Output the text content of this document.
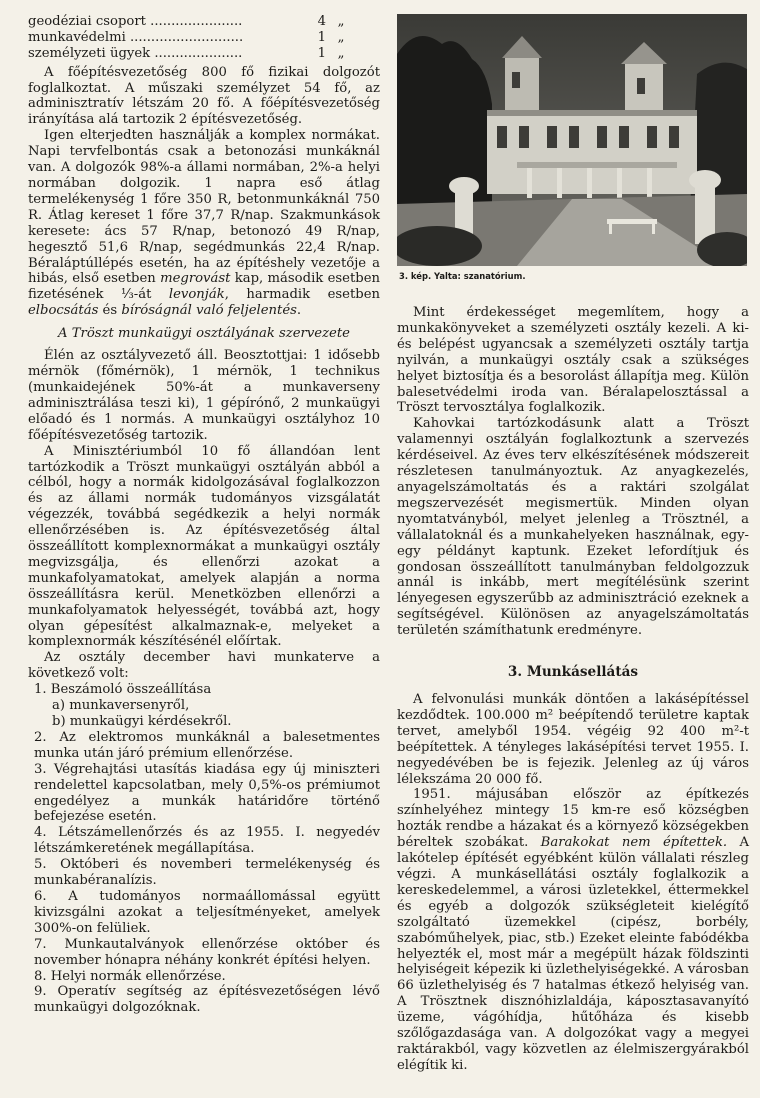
geodéziai csoport ......................	4 „
munkavédelmi ...........................	1 „
személyzeti ügyek .....................	1 „

A főépítésvezetőség 800 fő fizikai dolgozót foglalkoztat. A műszaki személyzet 54 fő, az adminisztratív létszám 20 fő. A főépítésvezetőség irányítása alá tartozik 2 építésvezetőség.

Igen elterjedten használják a komplex normákat. Napi tervfelbontás csak a betonozási munkáknál van. A dolgozók 98%-a állami normában, 2%-a helyi normában dolgozik. 1 napra eső átlag termelékenység 1 főre 350 R, betonmunkáknál 750 R. Átlag kereset 1 főre 37,7 R/nap. Szakmunkások keresete: ács 57 R/nap, betonozó 49 R/nap, hegesztő 51,6 R/nap, segédmunkás 22,4 R/nap. Béraláptúllépés esetén, ha az építéshely vezetője a hibás, első esetben megrovást kap, második esetben fizetésének ⅓-át levonják, harmadik esetben elbocsátás és bíróságnál való feljelentés.

A Tröszt munkaügyi osztályának szervezete

Élén az osztályvezető áll. Beosztottjai: 1 idősebb mérnök (főmérnök), 1 mérnök, 1 technikus (munkaidejének 50%-át a munkaverseny adminisztrálása teszi ki), 1 gépírónő, 2 munkaügyi előadó és 1 normás. A munkaügyi osztályhoz 10 főépítésvezetőség tartozik.

A Minisztériumból 10 fő állandóan lent tartózkodik a Tröszt munkaügyi osztályán abból a célból, hogy a normák kidolgozásával foglalkozzon és az állami normák tudományos vizsgálatát végezzék, továbbá segédkezik a helyi normák ellenőrzésében is. Az építésvezetőség által összeállított komplexnormákat a munkaügyi osztály megvizsgálja, és ellenőrzi azokat a munkafolyamatokat, amelyek alapján a norma összeállításra kerül. Menetközben ellenőrzi a munkafolyamatok helyességét, továbbá azt, hogy olyan gépesítést alkalmaznak-e, melyeket a komplexnormák készítésénél előírtak.

Az osztály december havi munkaterve a következő volt:

1. Beszámoló összeállítása
a) munkaversenyről,
b) munkaügyi kérdésekről.
2. Az elektromos munkáknál a balesetmentes munka után járó prémium ellenőrzése.
3. Végrehajtási utasítás kiadása egy új miniszteri rendelettel kapcsolatban, mely 0,5%-os prémiumot engedélyez a munkák határidőre történő befejezése esetén.
4. Létszámellenőrzés és az 1955. I. negyedév létszámkeretének megállapítása.
5. Októberi és novemberi termelékenység és munkabéranalízis.
6. A tudományos normaállomással együtt kivizsgálni azokat a teljesítményeket, amelyek 300%-on felüliek.
7. Munkautalványok ellenőrzése október és november hónapra néhány konkrét építési helyen.
8. Helyi normák ellenőrzése.
9. Operatív segítség az építésvezetőségen lévő munkaügyi dolgozóknak.
3. kép. Yalta: szanatórium.

Mint érdekességet megemlítem, hogy a munkakönyveket a személyzeti osztály kezeli. A ki- és belépést ugyancsak a személyzeti osztály tartja nyilván, a munkaügyi osztály csak a szükséges helyet biztosítja és a besorolást állapítja meg. Külön balesetvédelmi iroda van. Béralapelosztással a Tröszt tervosztálya foglalkozik.

Kahovkai tartózkodásunk alatt a Tröszt valamennyi osztályán foglalkoztunk a szervezés kérdéseivel. Az éves terv elkészítésének módszereit részletesen tanulmányoztuk. Az anyagkezelés, anyagelszámoltatás és a raktári szolgálat megszervezését megismertük. Minden olyan nyomtatványból, melyet jelenleg a Trösztnél, a vállalatoknál és a munkahelyeken használnak, egy-egy példányt kaptunk. Ezeket lefordítjuk és gondosan összeállított tanulmányban feldolgozzuk annál is inkább, mert megítélésünk szerint lényegesen egyszerűbb az adminisztráció ezeknek a segítségével. Különösen az anyagelszámoltatás területén számíthatunk eredményre.

3. Munkásellátás

A felvonulási munkák döntően a lakásépítéssel kezdődtek. 100.000 m² beépítendő területre kaptak tervet, amelyből 1954. végéig 92 400 m²-t beépítettek. A tényleges lakásépítési tervet 1955. I. negyedévében be is fejezik. Jelenleg az új város lélekszáma 20 000 fő.

1951. májusában először az építkezés színhelyéhez mintegy 15 km-re eső községben hozták rendbe a házakat és a környező községekben béreltek szobákat. Barakokat nem építettek. A lakótelep építését egyébként külön vállalati részleg végzi. A munkásellátási osztály foglalkozik a kereskedelemmel, a városi üzletekkel, éttermekkel és egyéb a dolgozók szükségleteit kielégítő szolgáltató üzemekkel (cipész, borbély, szabóműhelyek, piac, stb.) Ezeket eleinte fabódékba helyezték el, most már a megépült házak földszinti helyiségeit képezik ki üzlethelyiségekké. A városban 66 üzlethelyiség és 7 hatalmas étkező helyiség van. A Trösztnek disznóhizlaldája, káposztasavanyító üzeme, vágóhídja, hűtőháza és kisebb szőlőgazdasága van. A dolgozókat vagy a megyei raktárakból, vagy közvetlen az élelmiszergyárakból elégítik ki.
